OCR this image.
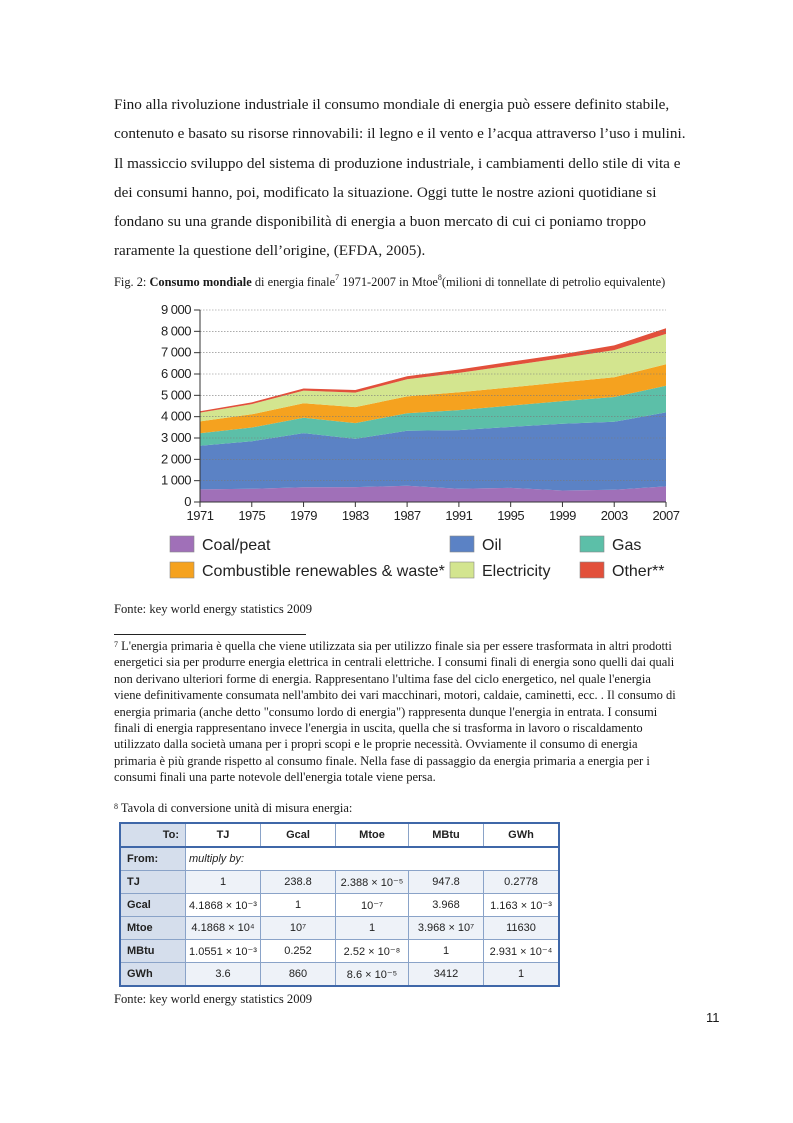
Fino alla rivoluzione industriale il consumo mondiale di energia può essere definito stabile,
contenuto e basato su risorse rinnovabili: il legno e il vento e l’acqua attraverso l’uso i mulini.
Il massiccio sviluppo del sistema di produzione industriale, i cambiamenti dello stile di vita e
dei consumi hanno, poi, modificato la situazione. Oggi tutte le nostre azioni quotidiane si
fondano su una grande disponibilità di energia a buon mercato di cui ci poniamo troppo
raramente la questione dell’origine, (EFDA, 2005).

Fig. 2: Consumo mondiale di energia finale$^7$ 1971-2007 in Mtoe$^8$(milioni di tonnellate di petrolio equivalente)
0
1 000
2 000
3 000
4 000
5 000
6 000
7 000
8 000
9 000
1971 1975 1979 1983 1987 1991 1995 1999 2003 2007
Coal/peat	Oil	Gas
Combustible renewables & waste* Electricity	Other**
Fonte: key world energy statistics 2009
$^7$ L'energia primaria è quella che viene utilizzata sia per utilizzo finale sia per essere trasformata in altri prodotti
energetici sia per produrre energia elettrica in centrali elettriche. I consumi finali di energia sono quelli dai quali
non derivano ulteriori forme di energia. Rappresentano l'ultima fase del ciclo energetico, nel quale l'energia
viene definitivamente consumata nell'ambito dei vari macchinari, motori, caldaie, caminetti, ecc. . Il consumo di
energia primaria (anche detto "consumo lordo di energia") rappresenta dunque l'energia in entrata. I consumi
finali di energia rappresentano invece l'energia in uscita, quella che si trasforma in lavoro o riscaldamento
utilizzato dalla società umana per i propri scopi e le proprie necessità. Ovviamente il consumo di energia
primaria è più grande rispetto al consumo finale. Nella fase di passaggio da energia primaria a energia per i
consumi finali una parte notevole dell'energia totale viene persa.
$^8$ Tavola di conversione unità di misura energia:
To:	TJ	Gcal	Mtoe	MBtu	GWh
From:	multiply by:				
TJ	1	238.8	2.388 × 10⁻⁵	947.8	0.2778
Gcal	4.1868 × 10⁻³	1	10⁻⁷	3.968	1.163 × 10⁻³
Mtoe	4.1868 × 10⁴	10⁷	1	3.968 × 10⁷	11630
MBtu	1.0551 × 10⁻³	0.252	2.52 × 10⁻⁸	1	2.931 × 10⁻⁴
GWh	3.6	860	8.6 × 10⁻⁵	3412	1
Fonte: key world energy statistics 2009
11
